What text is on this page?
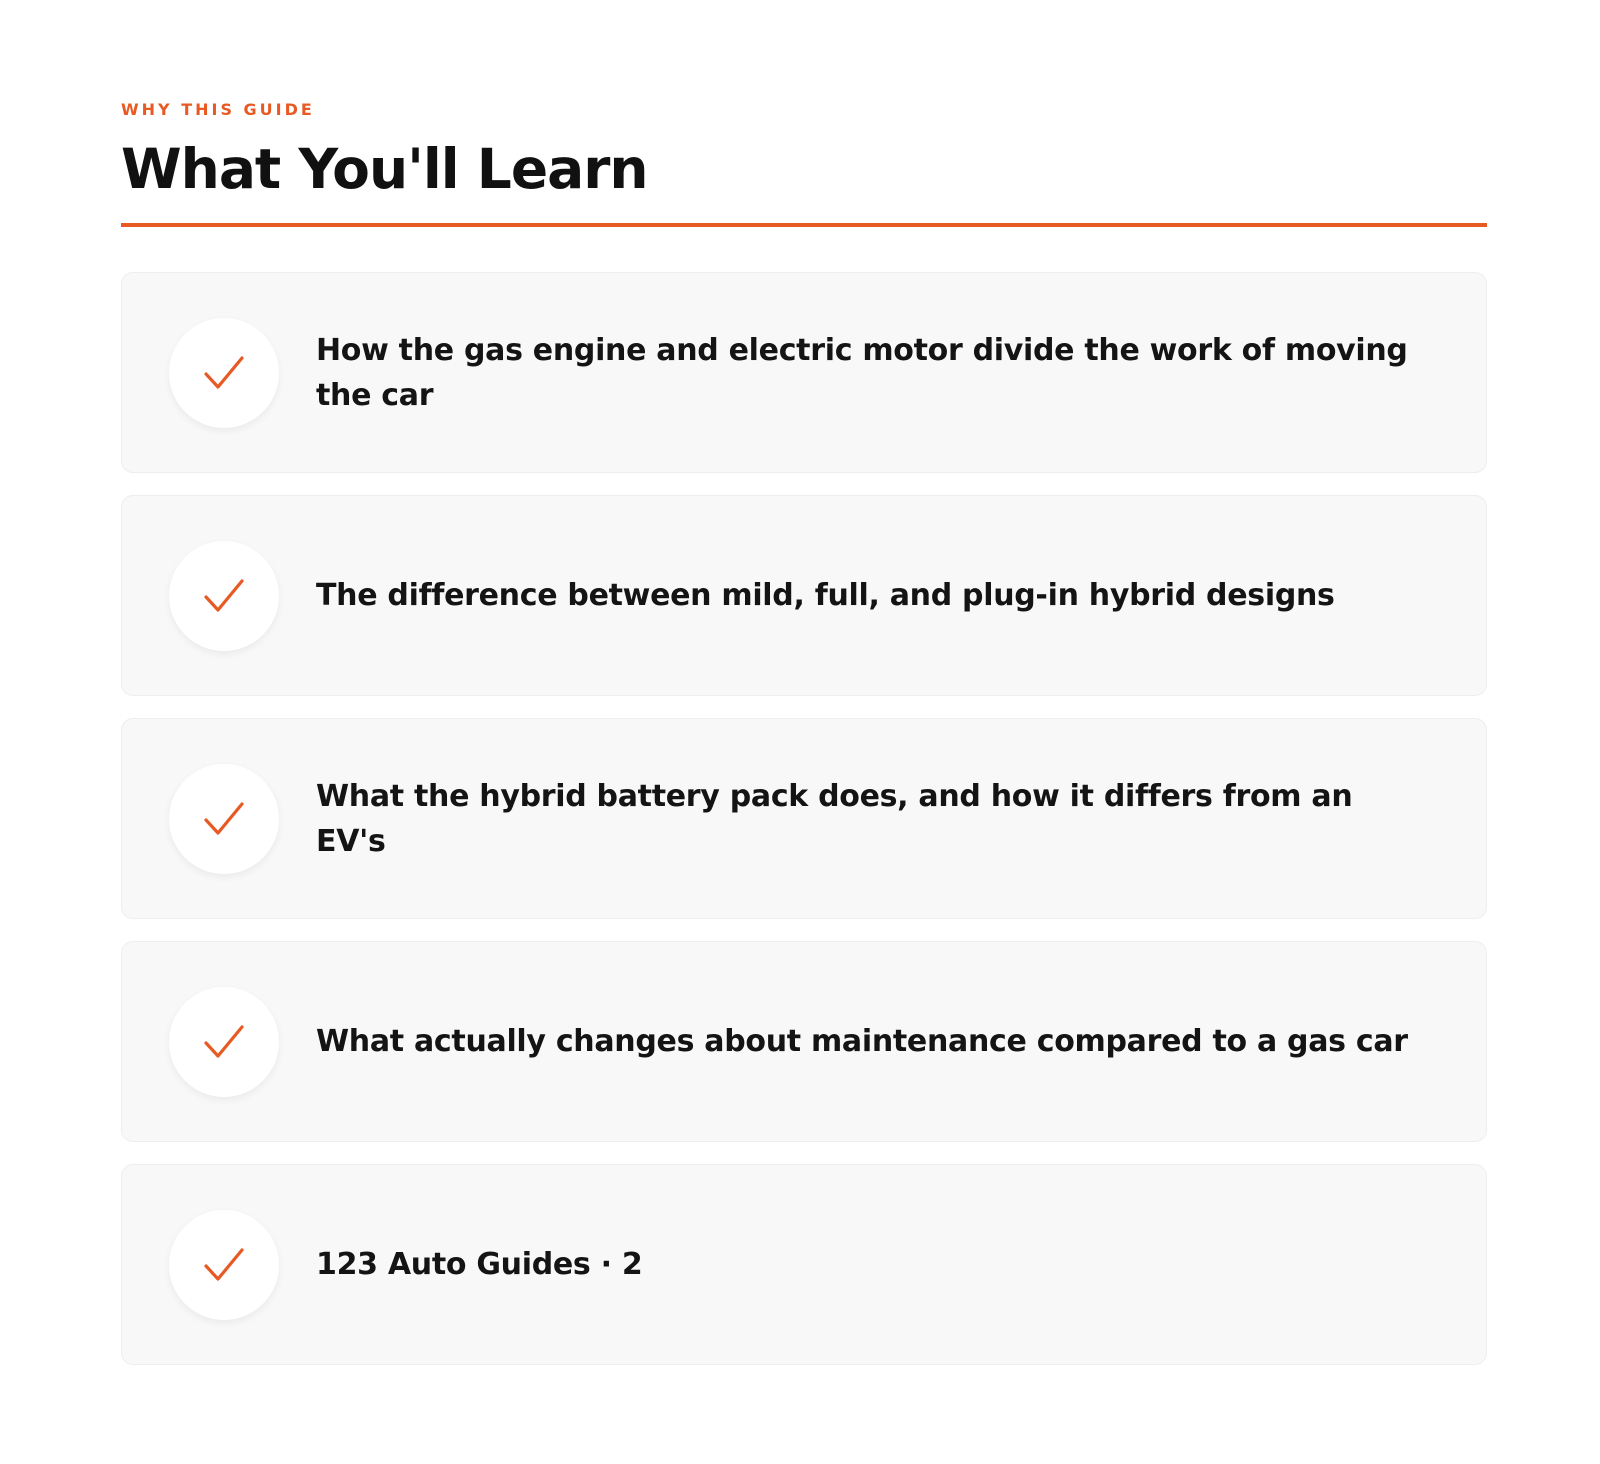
WHY THIS GUIDE
What You'll Learn
How the gas engine and electric motor divide the work of moving the car
The difference between mild, full, and plug-in hybrid designs
What the hybrid battery pack does, and how it differs from an EV's
What actually changes about maintenance compared to a gas car
123 Auto Guides · 2
